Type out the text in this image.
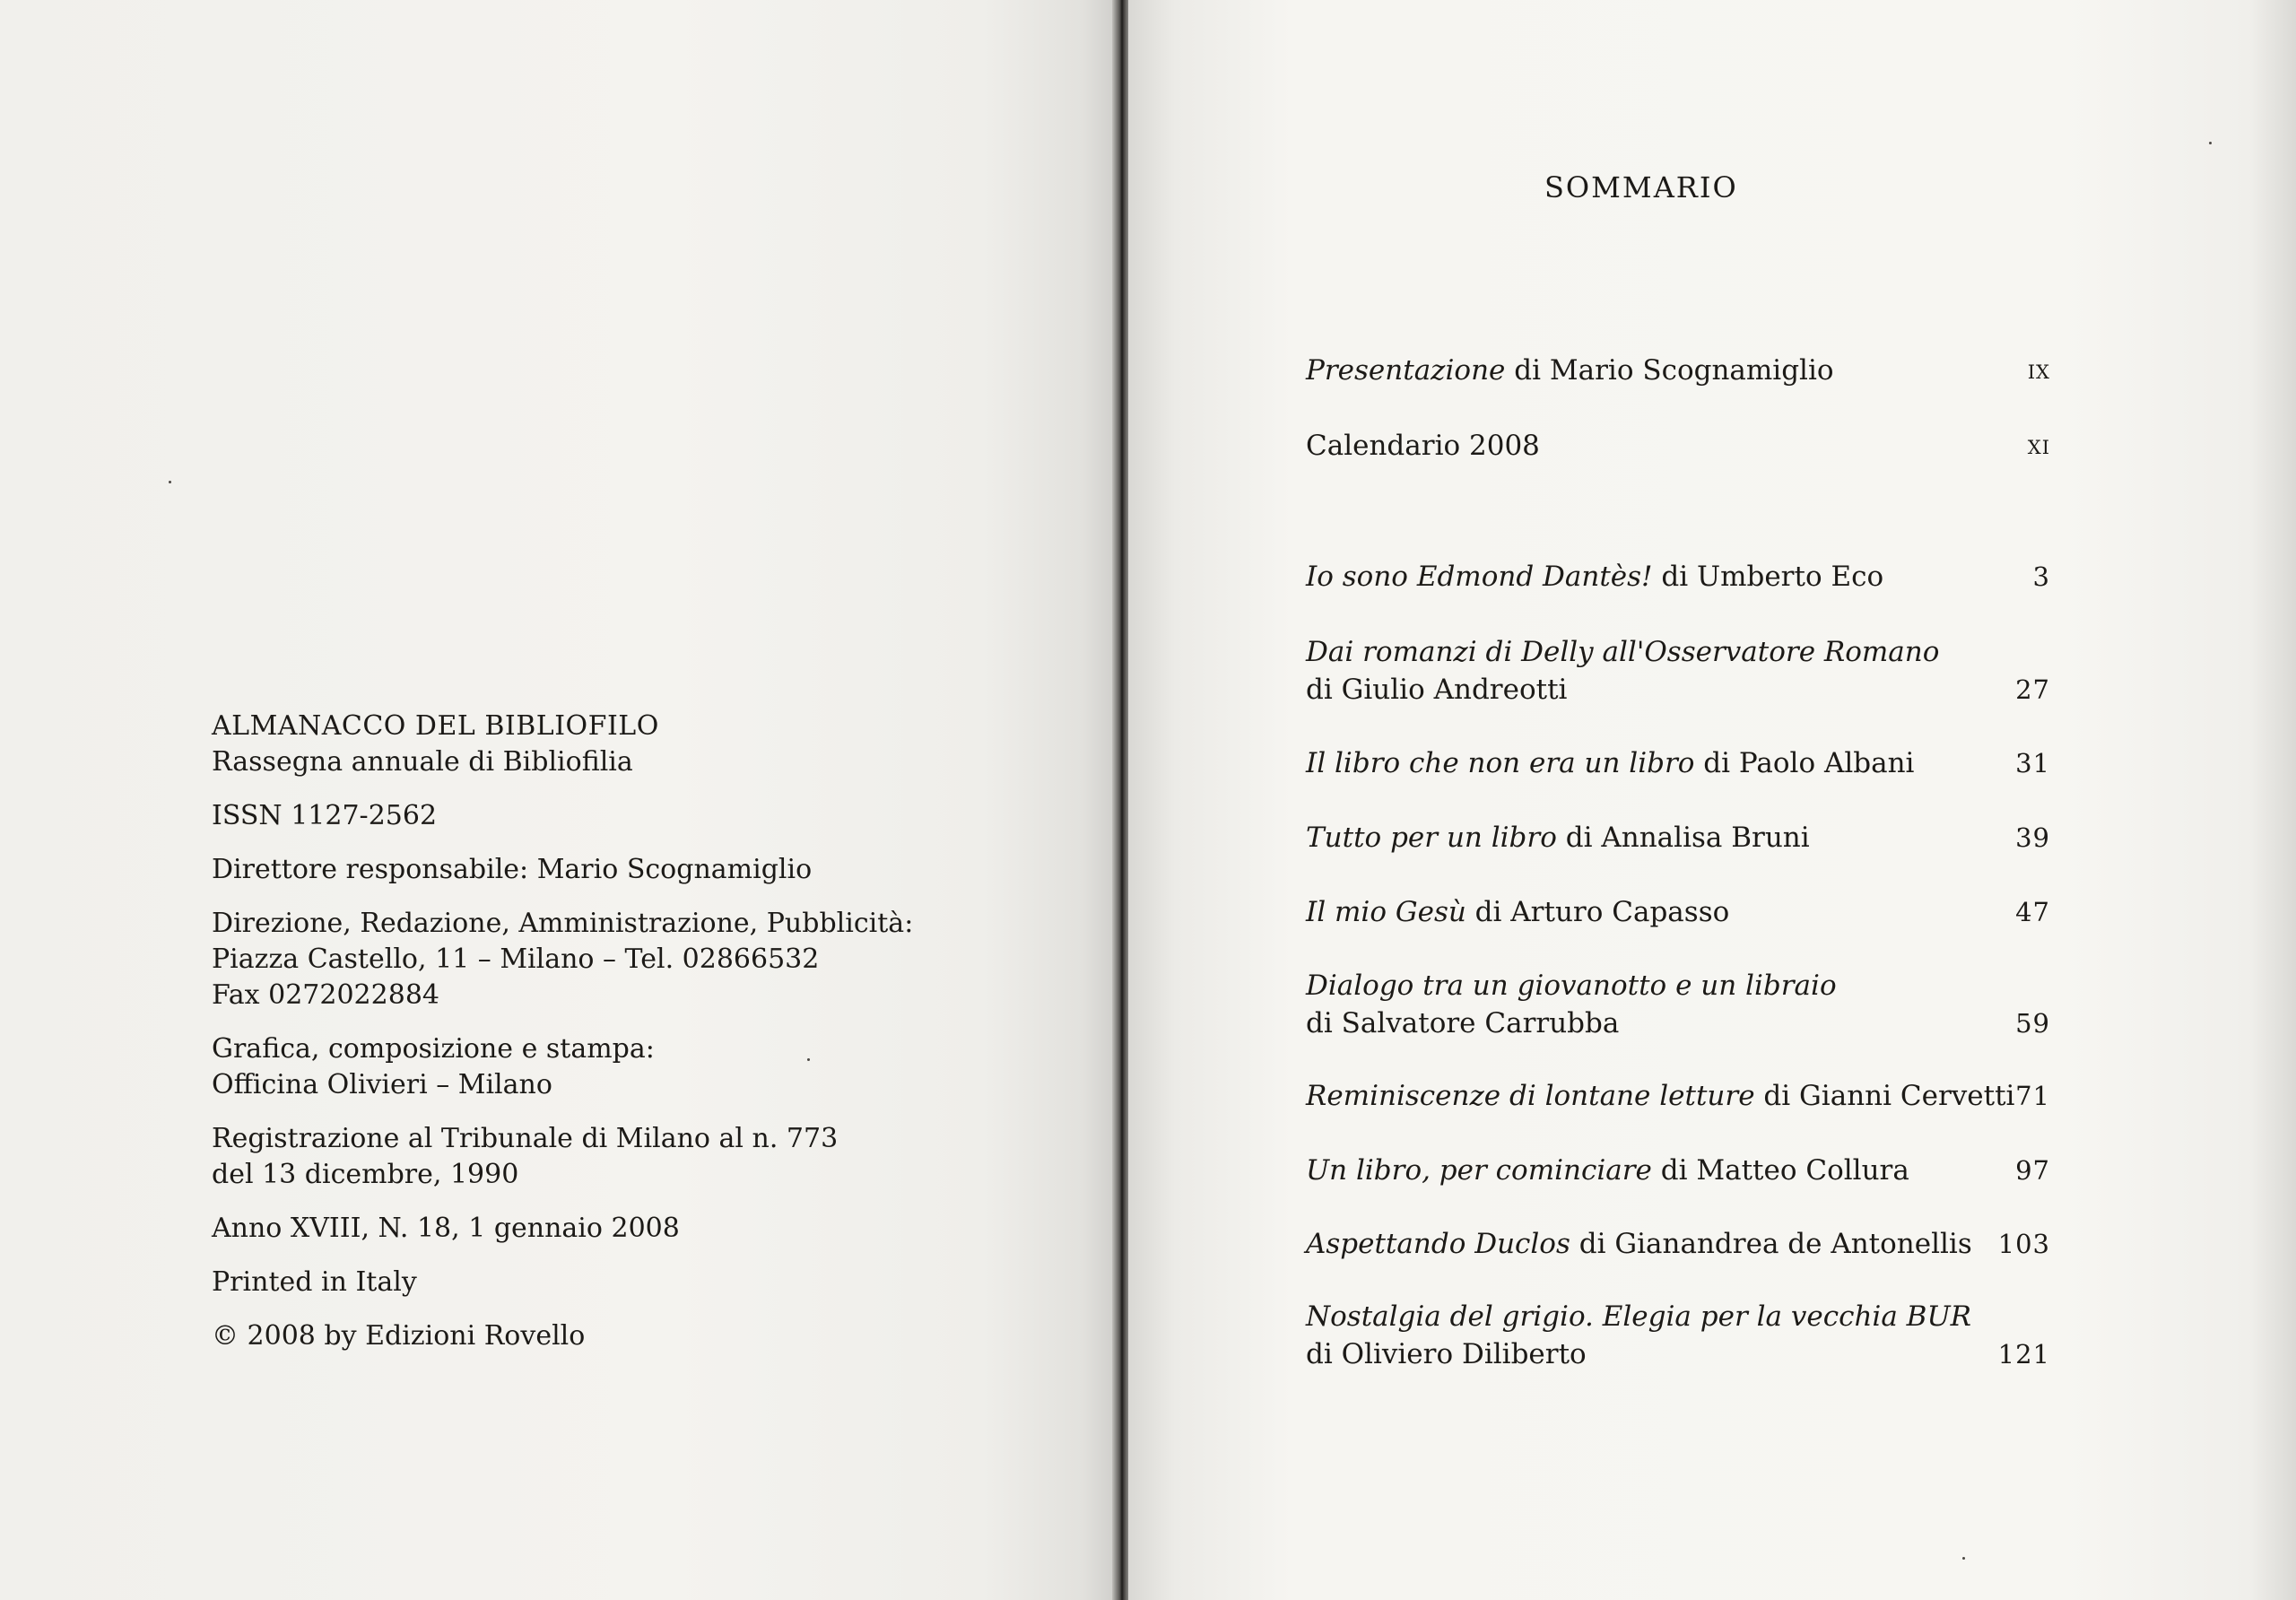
ALMANACCO DEL BIBLIOFILO
Rassegna annuale di Bibliofilia
ISSN 1127-2562
Direttore responsabile: Mario Scognamiglio
Direzione, Redazione, Amministrazione, Pubblicità:
Piazza Castello, 11 – Milano – Tel. 02866532
Fax 0272022884
Grafica, composizione e stampa:
Officina Olivieri – Milano
Registrazione al Tribunale di Milano al n. 773
del 13 dicembre, 1990
Anno XVIII, N. 18, 1 gennaio 2008
Printed in Italy
© 2008 by Edizioni Rovello
SOMMARIO
Presentazione di Mario Scognamiglio	ix
Calendario 2008	xi
Io sono Edmond Dantès! di Umberto Eco	3
Dai romanzi di Delly all'Osservatore Romano
di Giulio Andreotti	27
Il libro che non era un libro di Paolo Albani	31
Tutto per un libro di Annalisa Bruni	39
Il mio Gesù di Arturo Capasso	47
Dialogo tra un giovanotto e un libraio
di Salvatore Carrubba	59
Reminiscenze di lontane letture di Gianni Cervetti 71
Un libro, per cominciare di Matteo Collura	97
Aspettando Duclos di Gianandrea de Antonellis 103
Nostalgia del grigio. Elegia per la vecchia BUR
di Oliviero Diliberto	121
